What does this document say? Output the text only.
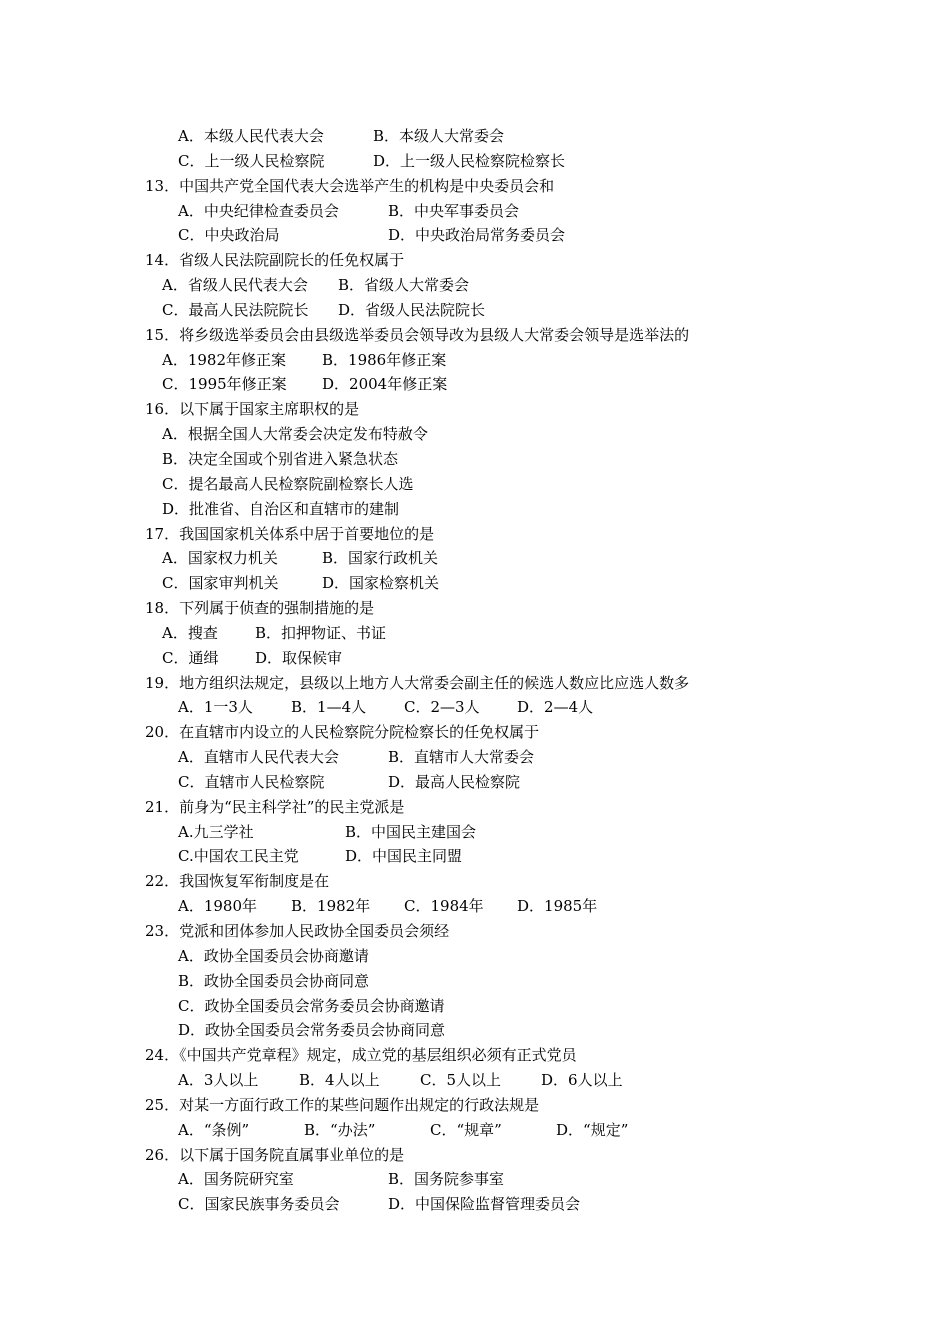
A．本级人民代表大会	B．本级人大常委会
C．上一级人民检察院	D．上一级人民检察院检察长
13．中国共产党全国代表大会选举产生的机构是中央委员会和
A．中央纪律检查委员会	B．中央军事委员会
C．中央政治局	D．中央政治局常务委员会
14．省级人民法院副院长的任免权属于
A．省级人民代表大会 B．省级人大常委会
C．最高人民法院院长 D．省级人民法院院长
15．将乡级选举委员会由县级选举委员会领导改为县级人大常委会领导是选举法的
A．1982年修正案 B．1986年修正案
C．1995年修正案 D．2004年修正案
16．以下属于国家主席职权的是
A．根据全国人大常委会决定发布特赦令
B．决定全国或个别省进入紧急状态
C．提名最高人民检察院副检察长人选
D．批准省、自治区和直辖市的建制
17．我国国家机关体系中居于首要地位的是
A．国家权力机关	B．国家行政机关
C．国家审判机关	D．国家检察机关
18．下列属于侦查的强制措施的是
A．搜查 B．扣押物证、书证
C．通缉 D．取保候审
19．地方组织法规定，县级以上地方人大常委会副主任的候选人数应比应选人数多
A．1一3人	B．1—4人	C．2—3人 D．2—4人
20．在直辖市内设立的人民检察院分院检察长的任免权属于
A．直辖市人民代表大会	B．直辖市人大常委会
C．直辖市人民检察院	D．最高人民检察院
21．前身为“民主科学社”的民主党派是
A.九三学社	B．中国民主建国会
C.中国农工民主党	D．中国民主同盟
22．我国恢复军衔制度是在
A．1980年 B．1982年 C．1984年 D．1985年
23．党派和团体参加人民政协全国委员会须经
A．政协全国委员会协商邀请
B．政协全国委员会协商同意
C．政协全国委员会常务委员会协商邀请
D．政协全国委员会常务委员会协商同意
24．《中国共产党章程》规定，成立党的基层组织必须有正式党员
A．3人以上	B．4人以上	C．5人以上	D．6人以上
25．对某一方面行政工作的某些问题作出规定的行政法规是
A．“条例”	B．“办法”	C．“规章”	D．“规定”
26．以下属于国务院直属事业单位的是
A．国务院研究室	B．国务院参事室
C．国家民族事务委员会	D．中国保险监督管理委员会
